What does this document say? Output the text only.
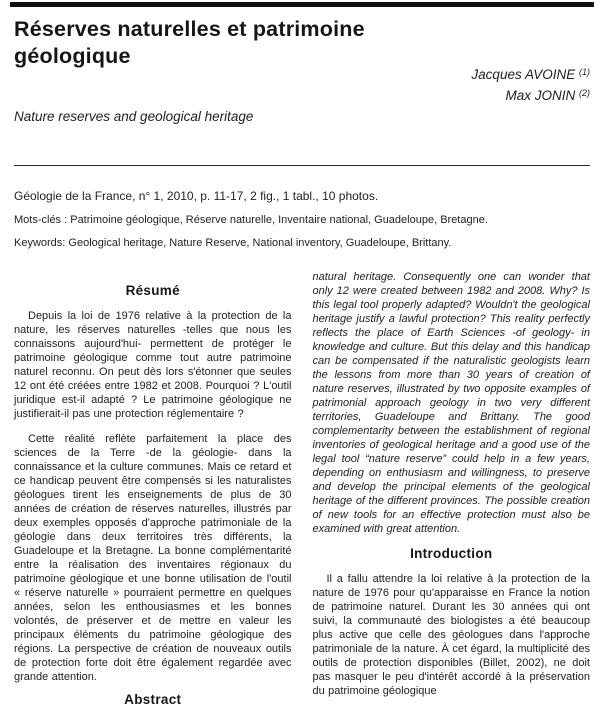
Réserves naturelles et patrimoine géologique
Jacques AVOINE $^{(1)}$
Max JONIN $^{(2)}$
Nature reserves and geological heritage

Géologie de la France, n° 1, 2010, p. 11-17, 2 fig., 1 tabl., 10 photos.

Mots-clés : Patrimoine géologique, Réserve naturelle, Inventaire national, Guadeloupe, Bretagne.

Keywords: Geological heritage, Nature Reserve, National inventory, Guadeloupe, Brittany.

Résumé

Depuis la loi de 1976 relative à la protection de la nature, les réserves naturelles -telles que nous les connaissons aujourd'hui- permettent de protéger le patrimoine géologique comme tout autre patrimoine naturel reconnu. On peut dès lors s'étonner que seules 12 ont été créées entre 1982 et 2008. Pourquoi ? L'outil juridique est-il adapté ? Le patrimoine géologique ne justifierait-il pas une protection réglementaire ?

Cette réalité reflète parfaitement la place des sciences de la Terre -de la géologie- dans la connaissance et la culture communes. Mais ce retard et ce handicap peuvent être compensés si les naturalistes géologues tirent les enseignements de plus de 30 années de création de réserves naturelles, illustrés par deux exemples opposés d'approche patrimoniale de la géologie dans deux territoires très différents, la Guadeloupe et la Bretagne. La bonne complémentarité entre la réalisation des inventaires régionaux du patrimoine géologique et une bonne utilisation de l'outil « réserve naturelle » pourraient permettre en quelques années, selon les enthousiasmes et les bonnes volontés, de préserver et de mettre en valeur les principaux éléments du patrimoine géologique des régions. La perspective de création de nouveaux outils de protection forte doit être également regardée avec grande attention.

Abstract

natural heritage. Consequently one can wonder that only 12 were created between 1982 and 2008. Why? Is this legal tool properly adapted? Wouldn't the geological heritage justify a lawful protection? This reality perfectly reflects the place of Earth Sciences -of geology- in knowledge and culture. But this delay and this handicap can be compensated if the naturalistic geologists learn the lessons from more than 30 years of creation of nature reserves, illustrated by two opposite examples of patrimonial approach geology in two very different territories, Guadeloupe and Brittany. The good complementarity between the establishment of regional inventories of geological heritage and a good use of the legal tool “nature reserve” could help in a few years, depending on enthusiasm and willingness, to preserve and develop the principal elements of the geological heritage of the different provinces. The possible creation of new tools for an effective protection must also be examined with great attention.

Introduction

Il a fallu attendre la loi relative à la protection de la nature de 1976 pour qu'apparaisse en France la notion de patrimoine naturel. Durant les 30 années qui ont suivi, la communauté des biologistes a été beaucoup plus active que celle des géologues dans l'approche patrimoniale de la nature. À cet égard, la multiplicité des outils de protection disponibles (Billet, 2002), ne doit pas masquer le peu d'intérêt accordé à la préservation du patrimoine géologique
